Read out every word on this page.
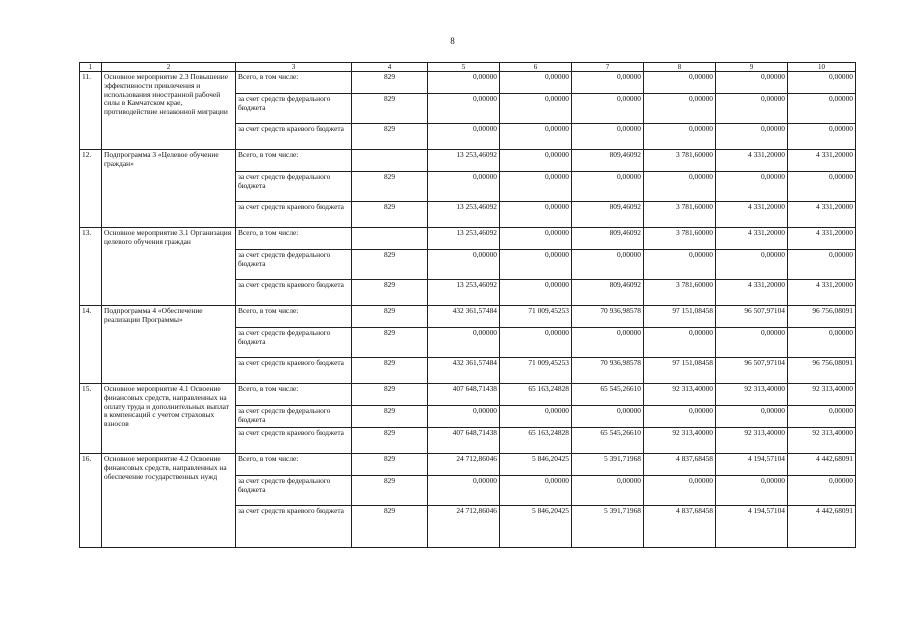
8
1	2	3	4	5	6	7	8	9	10
11.	Основное мероприятие 2.3 Повышение эффективности привлечения и использования иностранной рабочей силы в Камчатском крае, противодействие незаконной миграции	Всего, в том числе:	829	0,00000	0,00000	0,00000	0,00000	0,00000	0,00000
		за счет средств федерального бюджета	829	0,00000	0,00000	0,00000	0,00000	0,00000	0,00000
		за счет средств краевого бюджета	829	0,00000	0,00000	0,00000	0,00000	0,00000	0,00000
12.	Подпрограмма 3 «Целевое обучение граждан»	Всего, в том числе:		13 253,46092	0,00000	809,46092	3 781,60000	4 331,20000	4 331,20000
		за счет средств федерального бюджета	829	0,00000	0,00000	0,00000	0,00000	0,00000	0,00000
		за счет средств краевого бюджета	829	13 253,46092	0,00000	809,46092	3 781,60000	4 331,20000	4 331,20000
13.	Основное мероприятие 3.1 Организация целевого обучения граждан	Всего, в том числе:		13 253,46092	0,00000	809,46092	3 781,60000	4 331,20000	4 331,20000
		за счет средств федерального бюджета	829	0,00000	0,00000	0,00000	0,00000	0,00000	0,00000
		за счет средств краевого бюджета	829	13 253,46092	0,00000	809,46092	3 781,60000	4 331,20000	4 331,20000
14.	Подпрограмма 4 «Обеспечение реализации Программы»	Всего, в том числе:	829	432 361,57484	71 009,45253	70 936,98578	97 151,08458	96 507,97104	96 756,08091
		за счет средств федерального бюджета	829	0,00000	0,00000	0,00000	0,00000	0,00000	0,00000
		за счет средств краевого бюджета	829	432 361,57484	71 009,45253	70 936,98578	97 151,08458	96 507,97104	96 756,08091
15.	Основное мероприятие 4.1 Освоение финансовых средств, направленных на оплату труда и дополнительных выплат в компенсаций с учетом страховых взносов	Всего, в том числе:	829	407 648,71438	65 163,24828	65 545,26610	92 313,40000	92 313,40000	92 313,40000
		за счет средств федерального бюджета	829	0,00000	0,00000	0,00000	0,00000	0,00000	0,00000
		за счет средств краевого бюджета	829	407 648,71438	65 163,24828	65 545,26610	92 313,40000	92 313,40000	92 313,40000
16.	Основное мероприятие 4.2 Освоение финансовых средств, направленных на обеспечение государственных нужд	Всего, в том числе:	829	24 712,86046	5 846,20425	5 391,71968	4 837,68458	4 194,57104	4 442,68091
		за счет средств федерального бюджета	829	0,00000	0,00000	0,00000	0,00000	0,00000	0,00000
		за счет средств краевого бюджета	829	24 712,86046	5 846,20425	5 391,71968	4 837,68458	4 194,57104	4 442,68091
